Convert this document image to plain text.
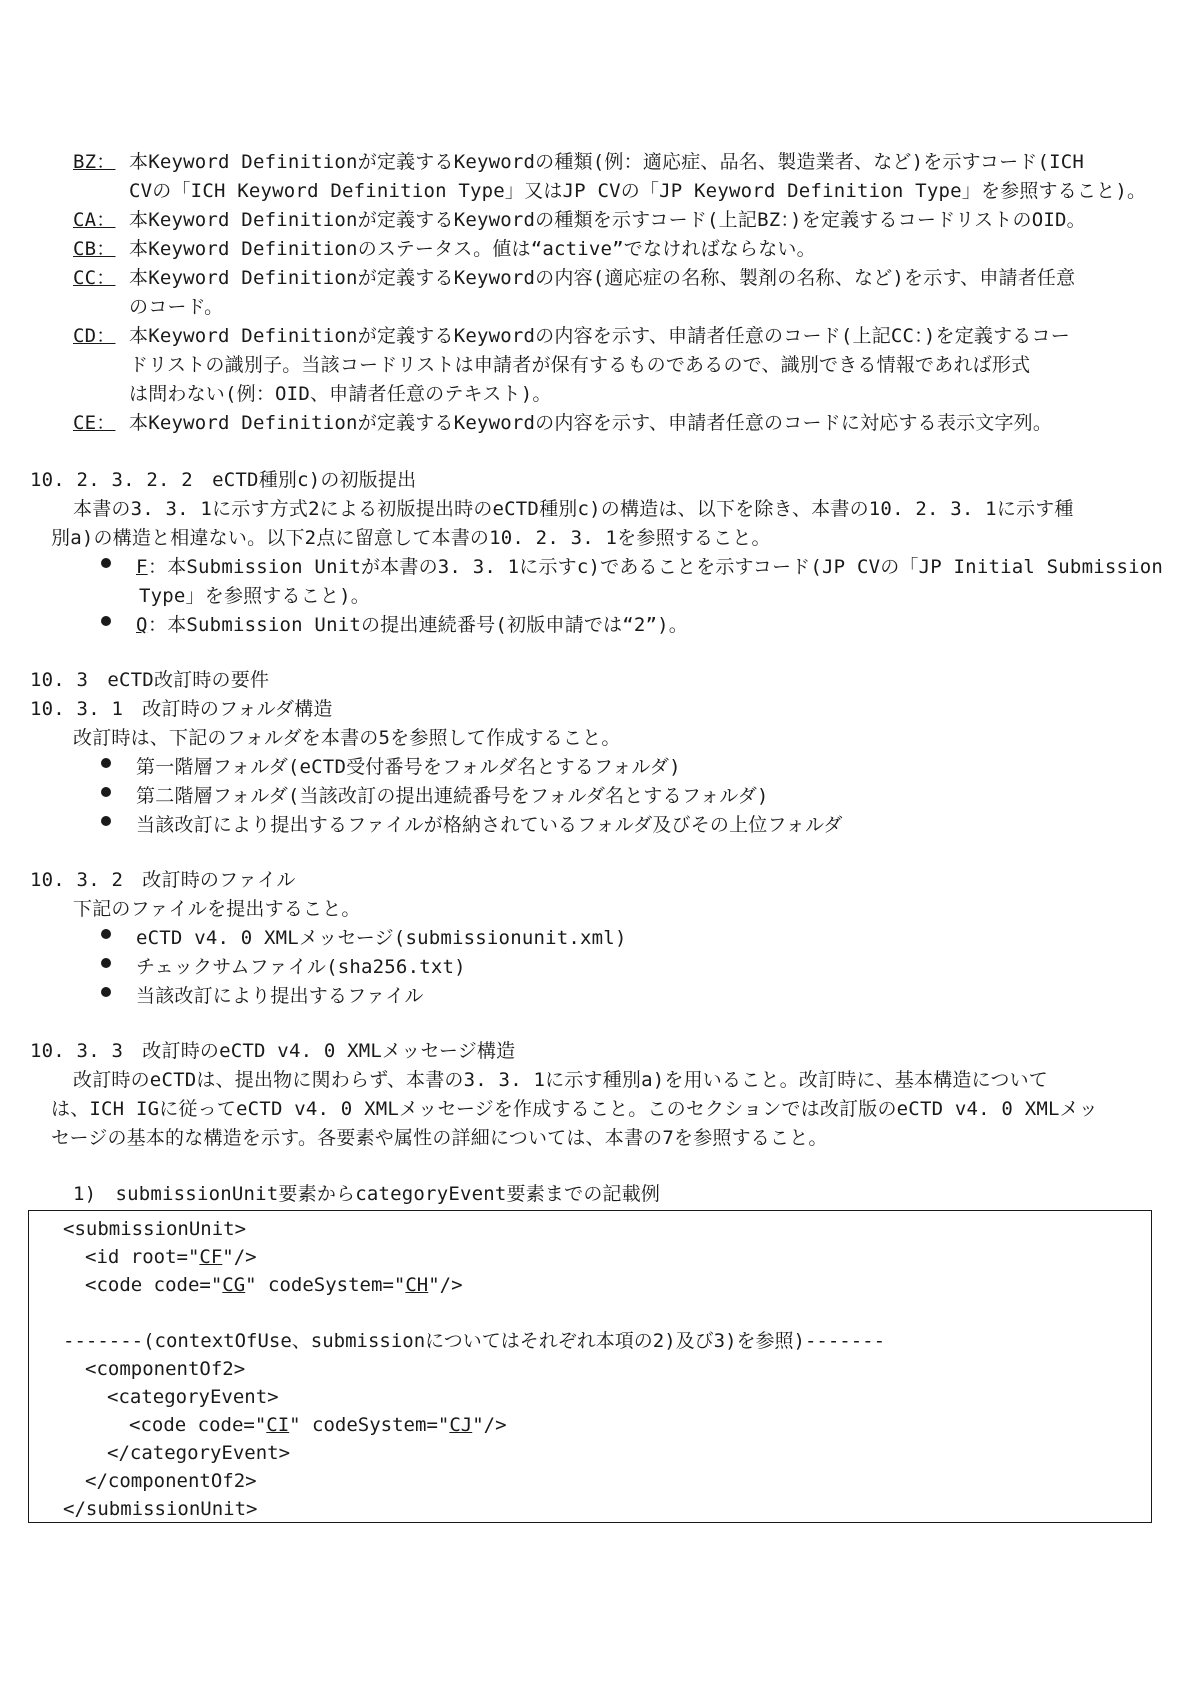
BZ： 本Keyword Definitionが定義するKeywordの種類(例：適応症、品名、製造業者、など)を示すコード(ICH
CVの「ICH Keyword Definition Type」又はJP CVの「JP Keyword Definition Type」を参照すること)。
CA： 本Keyword Definitionが定義するKeywordの種類を示すコード(上記BZ：)を定義するコードリストのOID。
CB： 本Keyword Definitionのステータス。値は“active”でなければならない。
CC： 本Keyword Definitionが定義するKeywordの内容(適応症の名称、製剤の名称、など)を示す、申請者任意
のコード。
CD： 本Keyword Definitionが定義するKeywordの内容を示す、申請者任意のコード(上記CC：)を定義するコー
ドリストの識別子。当該コードリストは申請者が保有するものであるので、識別できる情報であれば形式
は問わない(例：OID、申請者任意のテキスト)。
CE： 本Keyword Definitionが定義するKeywordの内容を示す、申請者任意のコードに対応する表示文字列。
10. 2. 3. 2. 2　eCTD種別c)の初版提出
本書の3. 3. 1に示す方式2による初版提出時のeCTD種別c)の構造は、以下を除き、本書の10. 2. 3. 1に示す種
別a)の構造と相違ない。以下2点に留意して本書の10. 2. 3. 1を参照すること。
F ：本Submission Unitが本書の3. 3. 1に示すc)であることを示すコード(JP CVの「JP Initial Submission
Type」を参照すること)。
Q ：本Submission Unitの提出連続番号(初版申請では“2”)。
10. 3　eCTD改訂時の要件
10. 3. 1　改訂時のフォルダ構造
改訂時は、下記のフォルダを本書の5を参照して作成すること。
第一階層フォルダ(eCTD受付番号をフォルダ名とするフォルダ)
第二階層フォルダ(当該改訂の提出連続番号をフォルダ名とするフォルダ)
当該改訂により提出するファイルが格納されているフォルダ及びその上位フォルダ
10. 3. 2　改訂時のファイル
下記のファイルを提出すること。
eCTD v4. 0 XMLメッセージ(submissionunit.xml)
チェックサムファイル(sha256.txt)
当該改訂により提出するファイル
10. 3. 3　改訂時のeCTD v4. 0 XMLメッセージ構造
改訂時のeCTDは、提出物に関わらず、本書の3. 3. 1に示す種別a)を用いること。改訂時に、基本構造について
は、ICH IGに従ってeCTD v4. 0 XMLメッセージを作成すること。このセクションでは改訂版のeCTD v4. 0 XMLメッ
セージの基本的な構造を示す。各要素や属性の詳細については、本書の7を参照すること。
1)　submissionUnit要素からcategoryEvent要素までの記載例
<submissionUnit>
<id root="CF"/>
<code code="CG" codeSystem="CH"/>
-------(contextOfUse、submissionについてはそれぞれ本項の2)及び3)を参照)-------
<componentOf2>
<categoryEvent>
<code code="CI" codeSystem="CJ"/>
</categoryEvent>
</componentOf2>
</submissionUnit>
